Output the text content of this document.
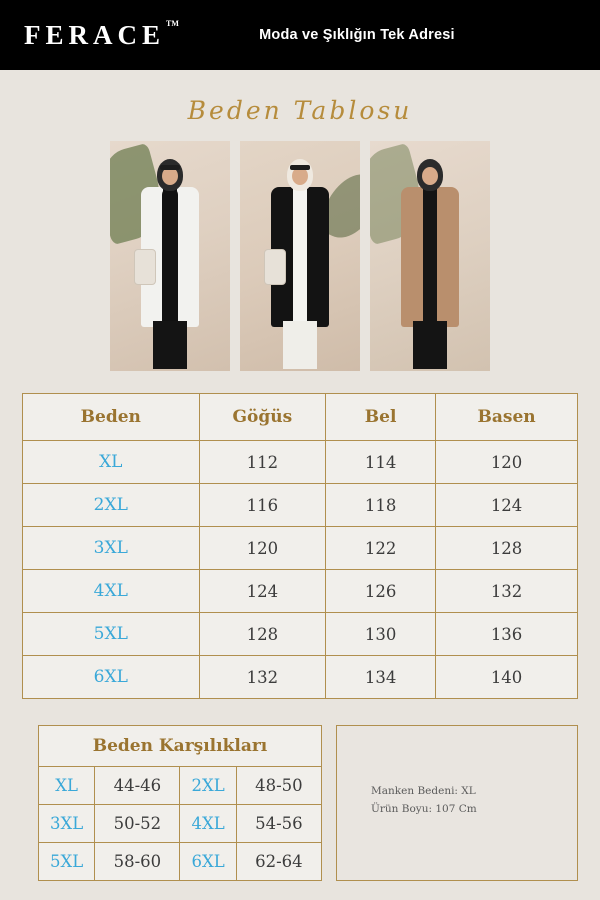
FERACE™
Moda ve Şıklığın Tek Adresi
Beden Tablosu
Beden	Göğüs	Bel	Basen
XL	112	114	120
2XL	116	118	124
3XL	120	122	128
4XL	124	126	132
5XL	128	130	136
6XL	132	134	140
Beden Karşılıkları			
XL	44-46	2XL	48-50
3XL	50-52	4XL	54-56
5XL	58-60	6XL	62-64
Manken Bedeni: XL
Ürün Boyu: 107 Cm
